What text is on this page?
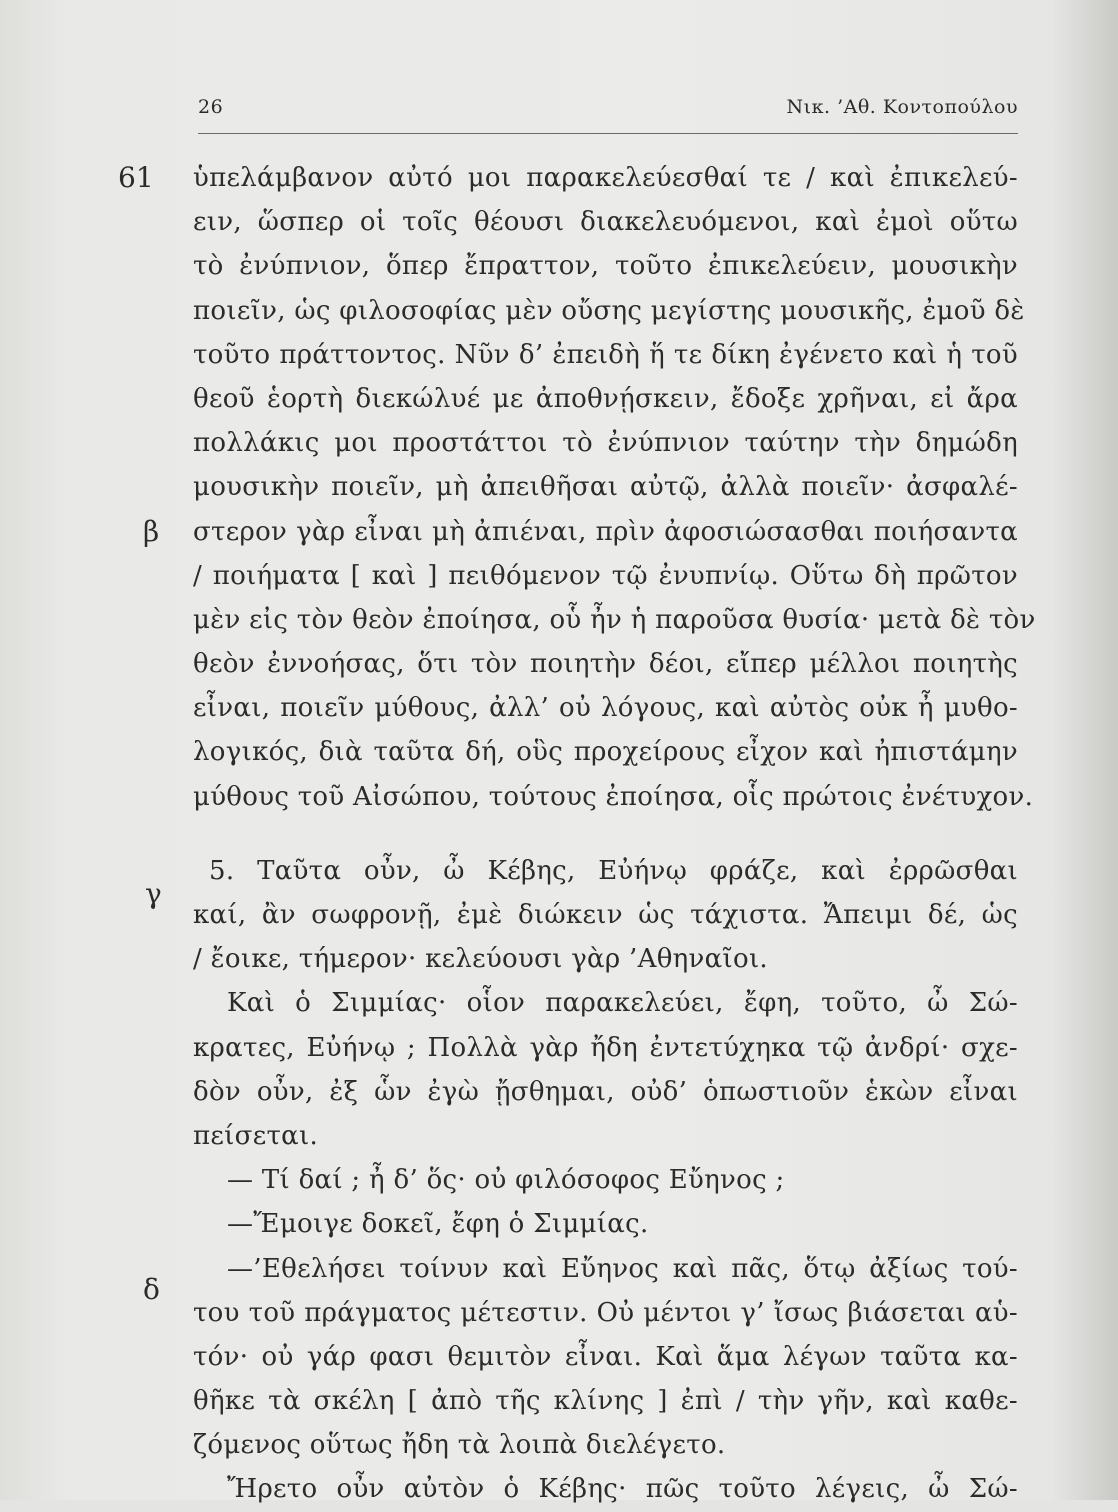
26	Νικ. ’Αθ. Κοντοπούλου
61
β
γ
δ
ὑπελάμβανον αὐτό μοι παρακελεύεσθαί τε / καὶ ἐπικελεύ-
ειν, ὥσπερ οἱ τοῖς θέουσι διακελευόμενοι, καὶ ἐμοὶ οὕτω
τὸ ἐνύπνιον, ὅπερ ἔπραττον, τοῦτο ἐπικελεύειν, μουσικὴν
ποιεῖν, ὡς φιλοσοφίας μὲν οὔσης μεγίστης μουσικῆς, ἐμοῦ δὲ
τοῦτο πράττοντος. Νῦν δ’ ἐπειδὴ ἥ τε δίκη ἐγένετο καὶ ἡ τοῦ
θεοῦ ἑορτὴ διεκώλυέ με ἀποθνῄσκειν, ἔδοξε χρῆναι, εἰ ἄρα
πολλάκις μοι προστάττοι τὸ ἐνύπνιον ταύτην τὴν δημώδη
μουσικὴν ποιεῖν, μὴ ἀπειθῆσαι αὐτῷ, ἀλλὰ ποιεῖν· ἀσφαλέ-
στερον γὰρ εἶναι μὴ ἀπιέναι, πρὶν ἀφοσιώσασθαι ποιήσαντα
/ ποιήματα [ καὶ ] πειθόμενον τῷ ἐνυπνίῳ. Οὕτω δὴ πρῶτον
μὲν εἰς τὸν θεὸν ἐποίησα, οὗ ἦν ἡ παροῦσα θυσία· μετὰ δὲ τὸν
θεὸν ἐννοήσας, ὅτι τὸν ποιητὴν δέοι, εἴπερ μέλλοι ποιητὴς
εἶναι, ποιεῖν μύθους, ἀλλ’ οὐ λόγους, καὶ αὐτὸς οὐκ ἦ μυθο-
λογικός, διὰ ταῦτα δή, οὓς προχείρους εἶχον καὶ ἠπιστάμην
μύθους τοῦ Αἰσώπου, τούτους ἐποίησα, οἷς πρώτοις ἐνέτυχον.
5. Ταῦτα οὖν, ὦ Κέβης, Εὐήνῳ φράζε, καὶ ἐρρῶσθαι
καί, ἂν σωφρονῇ, ἐμὲ διώκειν ὡς τάχιστα. Ἄπειμι δέ, ὡς
/ ἔοικε, τήμερον· κελεύουσι γὰρ ’Αθηναῖοι.
Καὶ ὁ Σιμμίας· οἷον παρακελεύει, ἔφη, τοῦτο, ὦ Σώ-
κρατες, Εὐήνῳ ; Πολλὰ γὰρ ἤδη ἐντετύχηκα τῷ ἀνδρί· σχε-
δὸν οὖν, ἐξ ὧν ἐγὼ ᾔσθημαι, οὐδ’ ὁπωστιοῦν ἑκὼν εἶναι
πείσεται.
— Τί δαί ; ἦ δ’ ὅς· οὐ φιλόσοφος Εὔηνος ;
—Ἔμοιγε δοκεῖ, ἔφη ὁ Σιμμίας.
—’Εθελήσει τοίνυν καὶ Εὔηνος καὶ πᾶς, ὅτῳ ἀξίως τού-
του τοῦ πράγματος μέτεστιν. Οὐ μέντοι γ’ ἴσως βιάσεται αὑ-
τόν· οὐ γάρ φασι θεμιτὸν εἶναι. Καὶ ἅμα λέγων ταῦτα κα-
θῆκε τὰ σκέλη [ ἀπὸ τῆς κλίνης ] ἐπὶ / τὴν γῆν, καὶ καθε-
ζόμενος οὕτως ἤδη τὰ λοιπὰ διελέγετο.
Ἤρετο οὖν αὐτὸν ὁ Κέβης· πῶς τοῦτο λέγεις, ὦ Σώ-
